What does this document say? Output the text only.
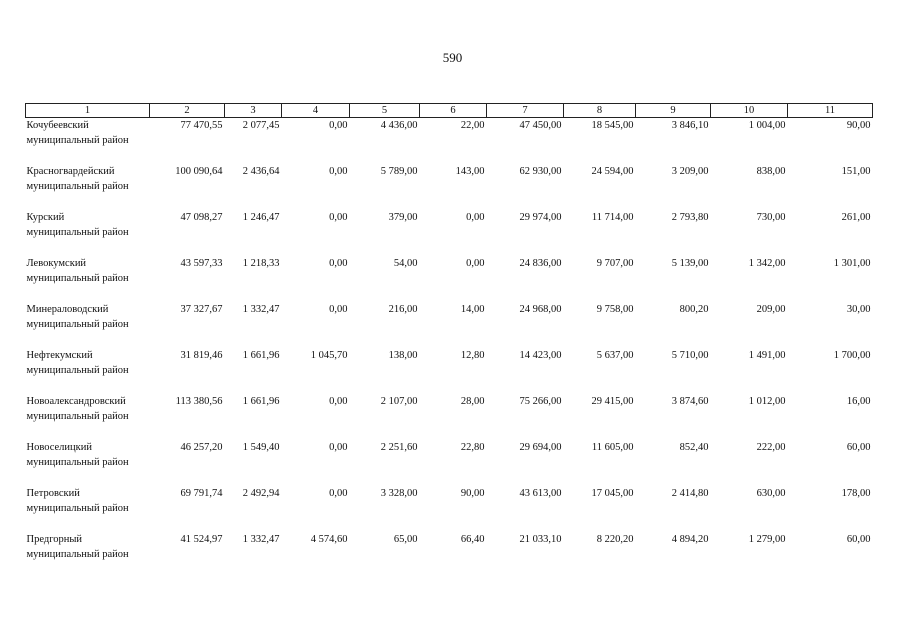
590
1	2	3	4	5	6	7	8	9	10	11

Кочубеевский
муниципальный район	77 470,55	2 077,45	0,00	4 436,00	22,00	47 450,00	18 545,00	3 846,10	1 004,00	90,00

Красногвардейский
муниципальный район	100 090,64	2 436,64	0,00	5 789,00	143,00	62 930,00	24 594,00	3 209,00	838,00	151,00

Курский
муниципальный район	47 098,27	1 246,47	0,00	379,00	0,00	29 974,00	11 714,00	2 793,80	730,00	261,00

Левокумский
муниципальный район	43 597,33	1 218,33	0,00	54,00	0,00	24 836,00	9 707,00	5 139,00	1 342,00	1 301,00

Минераловодский
муниципальный район	37 327,67	1 332,47	0,00	216,00	14,00	24 968,00	9 758,00	800,20	209,00	30,00

Нефтекумский
муниципальный район	31 819,46	1 661,96	1 045,70	138,00	12,80	14 423,00	5 637,00	5 710,00	1 491,00	1 700,00

Новоалександровский
муниципальный район	113 380,56	1 661,96	0,00	2 107,00	28,00	75 266,00	29 415,00	3 874,60	1 012,00	16,00

Новоселицкий
муниципальный район	46 257,20	1 549,40	0,00	2 251,60	22,80	29 694,00	11 605,00	852,40	222,00	60,00

Петровский
муниципальный район	69 791,74	2 492,94	0,00	3 328,00	90,00	43 613,00	17 045,00	2 414,80	630,00	178,00

Предгорный
муниципальный район	41 524,97	1 332,47	4 574,60	65,00	66,40	21 033,10	8 220,20	4 894,20	1 279,00	60,00
